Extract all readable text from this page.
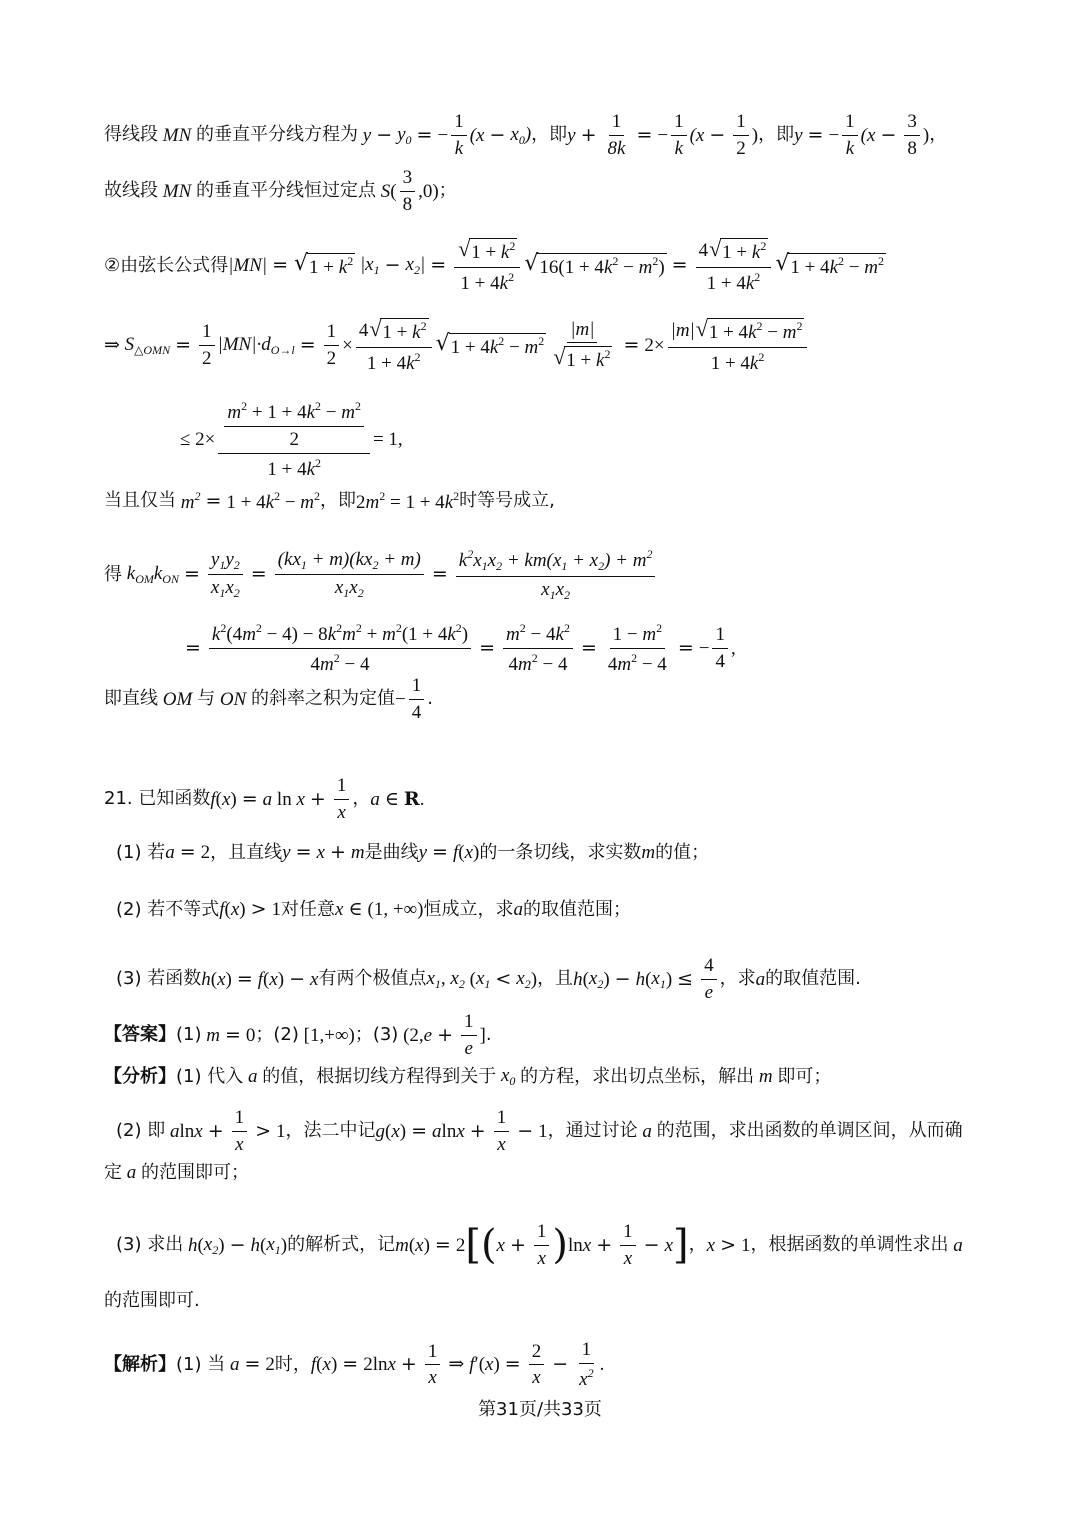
得线段 MN 的垂直平分线方程为 $y - y_0$ = − $\frac{1}{k} (x - x_0)$ ，即 $y + \frac{1}{8k}$ = − $\frac{1}{k} (x - \frac{1}{2}$ ) ，即 y = − $\frac{1}{k} (x - \frac{3}{8}$ ) ，
故线段 MN 的垂直平分线恒过定点 S ( $\frac{3}{8} ,0$) ；
②由弦长公式得 |MN| = √ $1 + k^2$ $|x_1 - x_2| = \frac{√ 1 + k^2}{1 + 4k^2}$ √ $16(1 + 4k^2 - m^2) = \frac{4 √ 1 + k^2}{1 + 4k^2}$ √ $1 + 4k^2 - m^2$
⇒ $S_{\triangle OMN} = \frac{1}{2} |MN|\cdot d_{O\to l} = \frac{1}{2} \times \frac{4 √ 1 + k^2}{1 + 4k^2}$ √ $1 + 4k^2 - m^2 \frac{|m|}{√ 1 + k^2} = 2\times \frac{|m| √ 1 + 4k^2 - m^2}{1 + 4k^2}$
≤ $2\times \frac{\frac{m^2 + 1 + 4k^2 - m^2}{2}}{1 + 4k^2} = 1$,
当且仅当 $m^2 = 1 + 4k^2 - m^2$ ，即 $2m^2 = 1 + 4k^2$ 时等号成立,
得 $k_{OM}k_{ON} = \frac{y_1y_2}{x_1x_2} = \frac{(kx_1 + m)(kx_2 + m)}{x_1x_2} = \frac{k^2x_1x_2 + km(x_1 + x_2) + m^2}{x_1x_2}$
= $\frac{k^2(4m^2 - 4) - 8k^2m^2 + m^2(1 + 4k^2)}{4m^2 - 4} = \frac{m^2 - 4k^2}{4m^2 - 4} = \frac{1 - m^2}{4m^2 - 4}$ = − $\frac{1}{4}$ ,
即直线 OM 与 ON 的斜率之积为定值 − $\frac{1}{4}$ .
21.
已知函数 f ( x ) = a $\ln x + \frac{1}{x}$ ， a ∈ R .
(1)
若 a = 2 ，且直线 y = x + m 是曲线 y = f ( x ) 的一条切线，求实数 m 的值；
(2)
若不等式 f ( x ) > 1 对任意 x ∈ (1, +∞) 恒成立，求 a 的取值范围；
(3)
若函数 h ( x ) = f ( x ) − x 有两个极值点 $x_1$, $x_2$ ( $x_1 < x_2$ ) ，且 h ( $x_2$ ) − h ( $x_1$ ) ≤ $\frac{4}{e}$ ，求 a 的取值范围.
【答案】 (1) m = 0 ；(2) [1,+∞) ；(3) (2, $e + \frac{1}{e}$ ] .
【分析】 (1) 代入 a 的值，根据切线方程得到关于 $x_0$ 的方程，求出切点坐标，解出 m 即可；
(2) 即 a $\ln x + \frac{1}{x} > 1$ ，法二中记 g ( x ) = a $\ln x + \frac{1}{x} - 1$ ，通过讨论 a 的范围，求出函数的单调区间，从而确
定 a 的范围即可；
(3) 求出 h ( $x_2$ ) − h ( $x_1$ ) 的解析式，记 m ( x ) = 2 [ ( $x + \frac{1}{x}$ ) $\ln x + \frac{1}{x} - x$ ] ， x > 1 ，根据函数的单调性求出 a
的范围即可.
【解析】 (1) 当 a = 2 时， f ( x ) = 2ln $x + \frac{1}{x}$ ⇒ f ′( x ) = $\frac{2}{x} - \frac{1}{x^2}$ .
第31页/共33页
